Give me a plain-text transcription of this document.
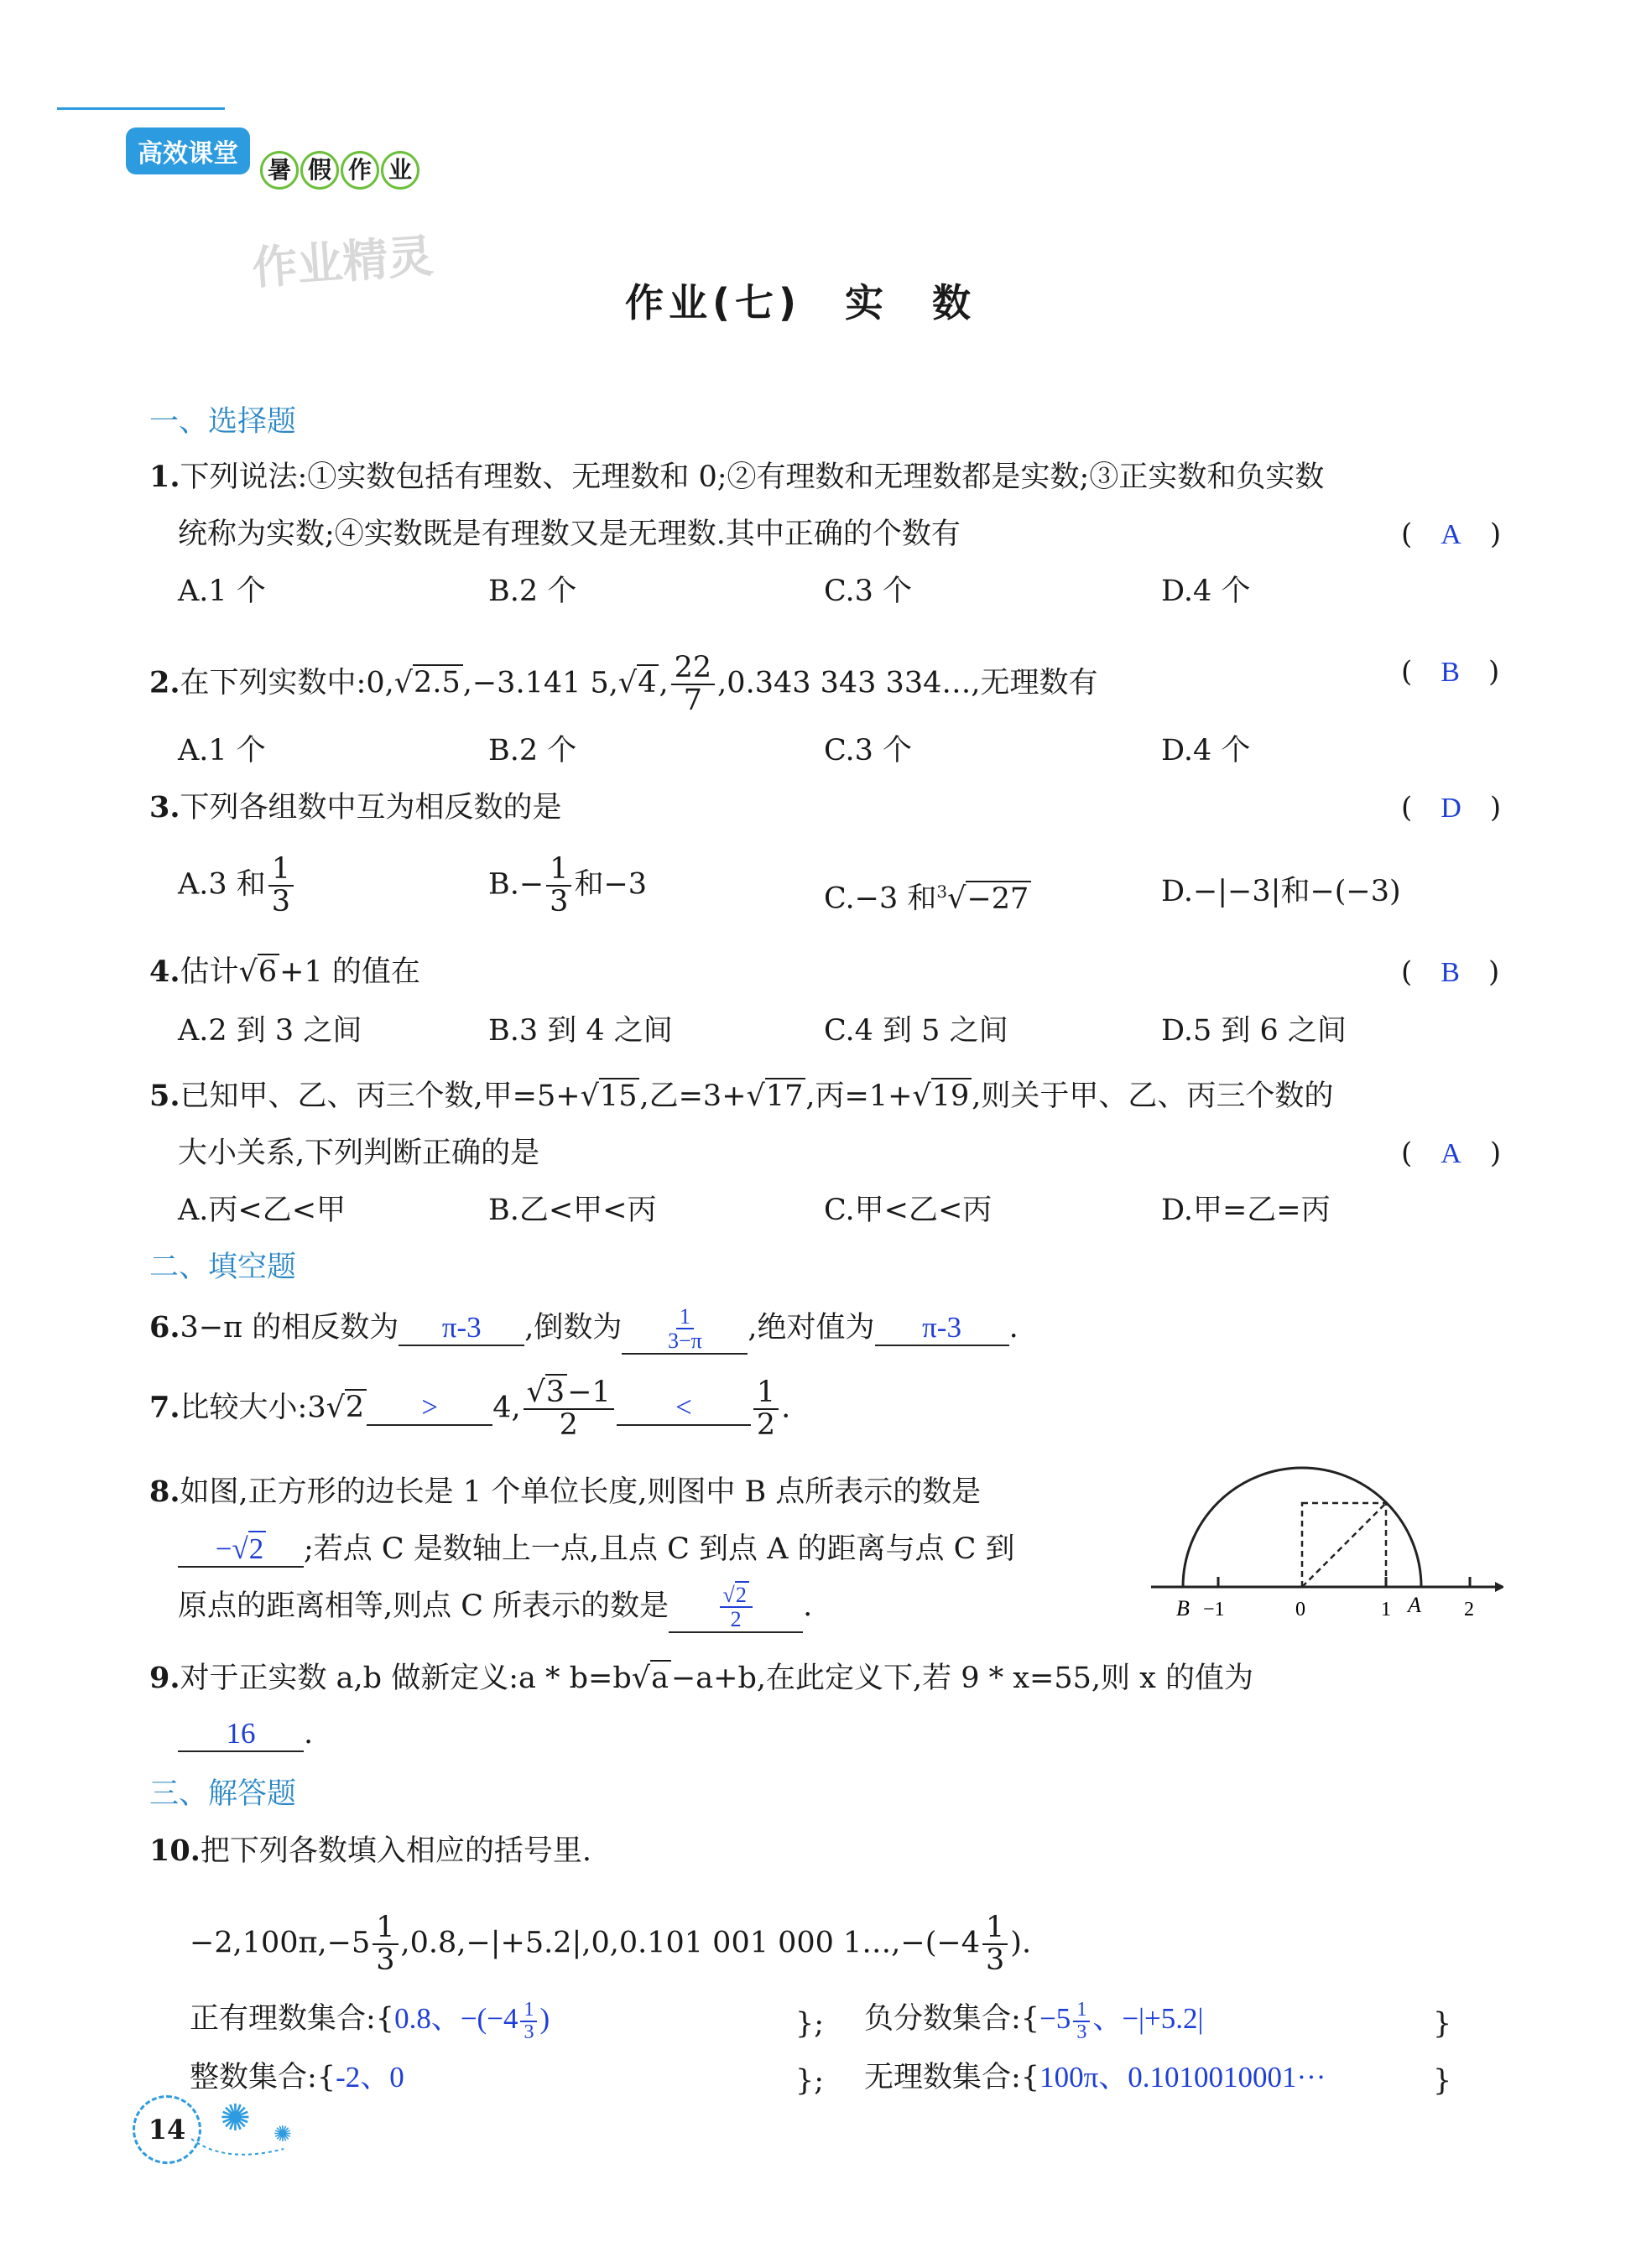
高效课堂
暑 假 作 业
作业精灵
作业(七)　实　数
一、选择题
1.下列说法:①实数包括有理数、无理数和 0;②有理数和无理数都是实数;③正实数和负实数
统称为实数;④实数既是有理数又是无理数.其中正确的个数有	(　A　)
A.1 个	B.2 个	C.3 个	D.4 个
2.在下列实数中:0,√2.5,−3.141 5,√4, $\frac{22}{7} ,0.343$ 343 334…,无理数有	(　B　)
A.1 个	B.2 个	C.3 个	D.4 个
3.下列各组数中互为相反数的是	(　D　)
A.3 和 $\frac{1}{3}$	$B.- \frac{1}{3}$ 和−3	C.−3 和$^3$√−27	D.−|−3|和−(−3)
4.估计√6+1 的值在	(　B　)
A.2 到 3 之间	B.3 到 4 之间	C.4 到 5 之间	D.5 到 6 之间
5.已知甲、乙、丙三个数,甲=5+√15,乙=3+√17,丙=1+√19,则关于甲、乙、丙三个数的
大小关系,下列判断正确的是	(　A　)
A.丙<乙<甲	B.乙<甲<丙	C.甲<乙<丙	D.甲=乙=丙
二、填空题
6.3−π 的相反数为 π-3 ,倒数为 $\frac{1}{3-\pi}$ ,绝对值为 π-3 .
7.比较大小:3√2 > 4, $\frac{√3-1}{2} < \frac{1}{2}$ .
8.如图,正方形的边长是 1 个单位长度,则图中 B 点所表示的数是
−√2 ;若点 C 是数轴上一点,且点 C 到点 A 的距离与点 C 到
原点的距离相等,则点 C 所表示的数是 $\frac{√2}{2}$ .	B −1	0	1 A 2
9.对于正实数 a,b 做新定义:a * b=b√a−a+b,在此定义下,若 9 * x=55,则 x 的值为
16 .
三、解答题
10.把下列各数填入相应的括号里.
$-2,100\pi,-5 \frac{1}{3} ,0.8,-|+5.2|,0,0.101$ 001 000 1…,−(−4 $\frac{1}{3}$ ).
正有理数集合:{0.8、$-(-4 \frac{1}{3}$ )	}; 负分数集合:{−5 $\frac{1}{3}$ 、−|+5.2|	}
整数集合:{-2、0	}; 无理数集合:{100π、0.1010010001···	}
14 ✺ ✺
